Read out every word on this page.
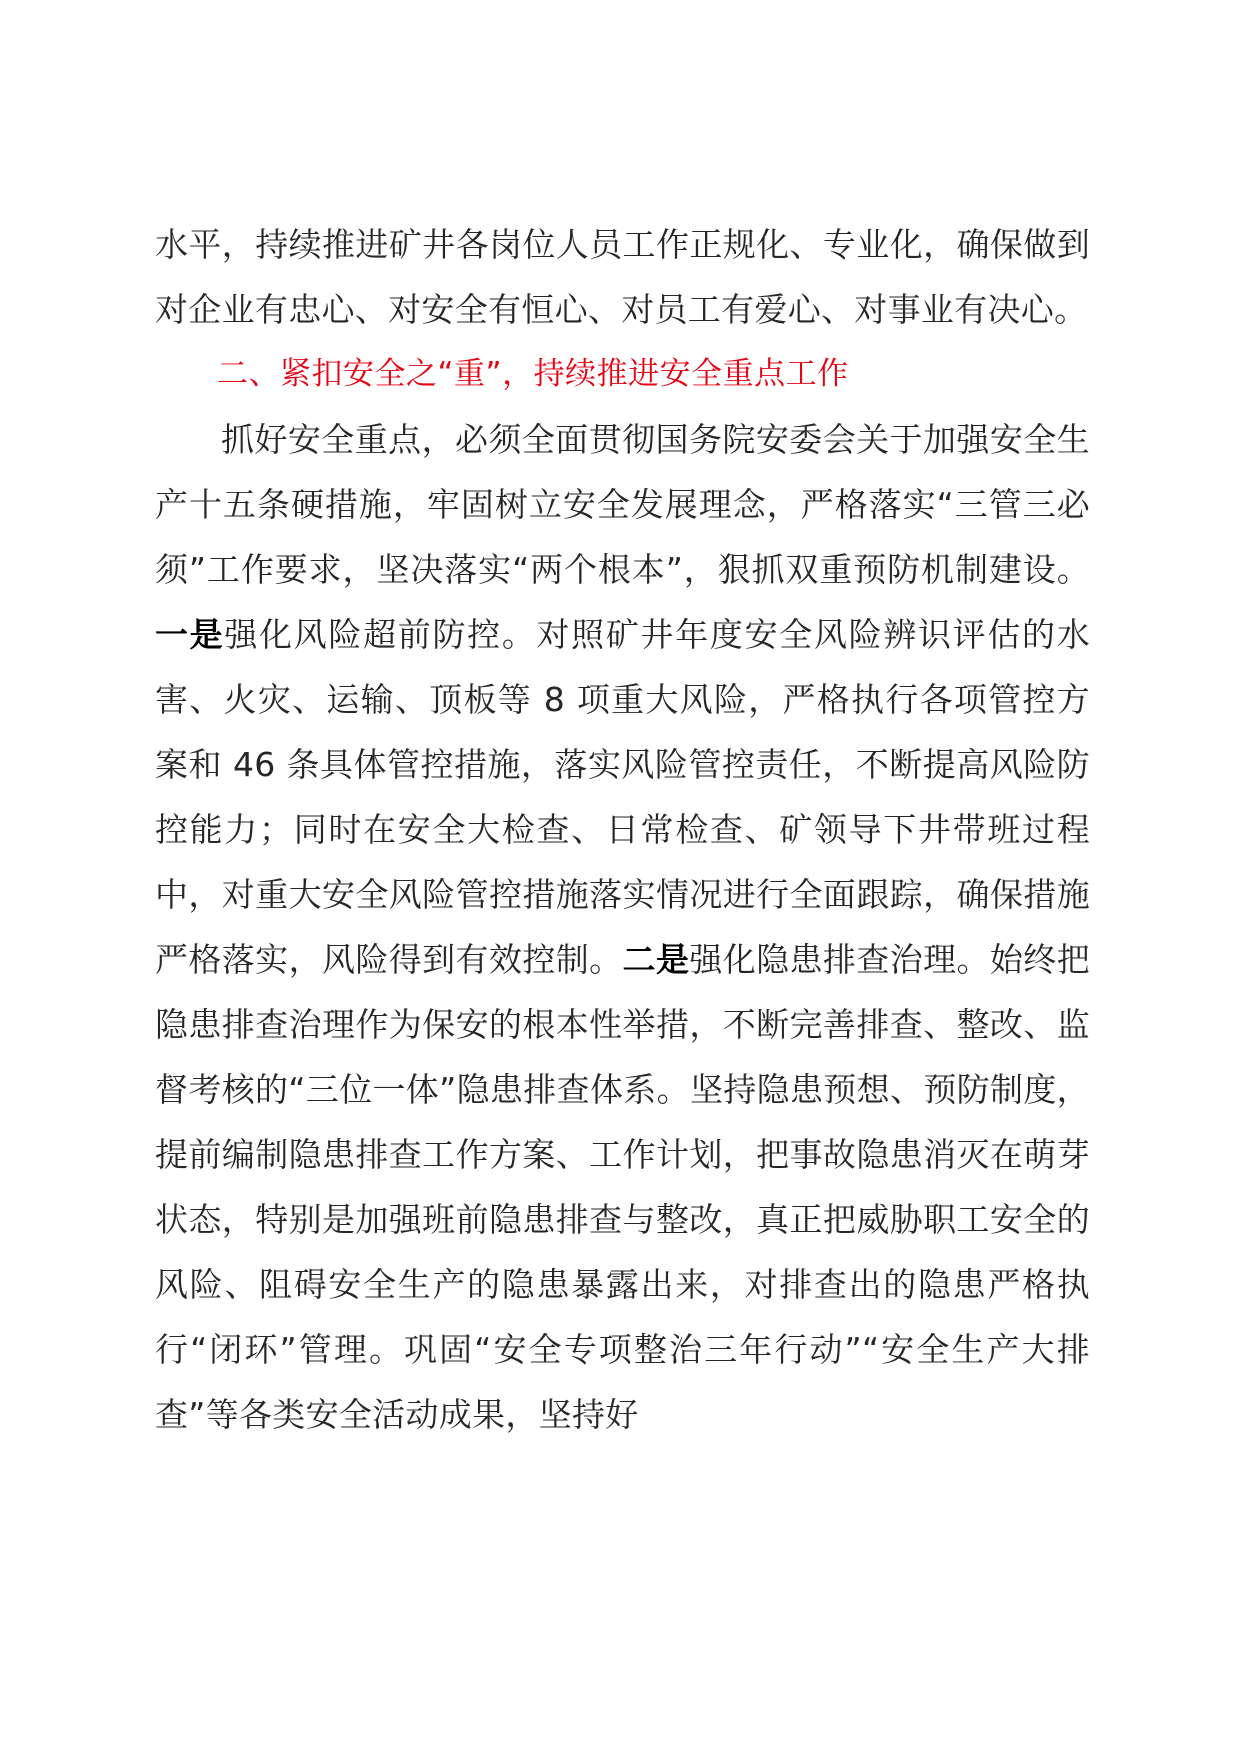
水平，持续推进矿井各岗位人员工作正规化、专业化，确保做到对企业有忠心、对安全有恒心、对员工有爱心、对事业有决心。

二、紧扣安全之“重”，持续推进安全重点工作

抓好安全重点，必须全面贯彻国务院安委会关于加强安全生产十五条硬措施，牢固树立安全发展理念，严格落实“三管三必须”工作要求，坚决落实“两个根本”，狠抓双重预防机制建设。一是强化风险超前防控。对照矿井年度安全风险辨识评估的水害、火灾、运输、顶板等 8 项重大风险，严格执行各项管控方案和 46 条具体管控措施，落实风险管控责任，不断提高风险防控能力；同时在安全大检查、日常检查、矿领导下井带班过程中，对重大安全风险管控措施落实情况进行全面跟踪，确保措施严格落实，风险得到有效控制。二是强化隐患排查治理。始终把隐患排查治理作为保安的根本性举措，不断完善排查、整改、监督考核的“三位一体”隐患排查体系。坚持隐患预想、预防制度，提前编制隐患排查工作方案、工作计划，把事故隐患消灭在萌芽状态，特别是加强班前隐患排查与整改，真正把威胁职工安全的风险、阻碍安全生产的隐患暴露出来，对排查出的隐患严格执行“闭环”管理。巩固“安全专项整治三年行动”“安全生产大排查”等各类安全活动成果，坚持好
